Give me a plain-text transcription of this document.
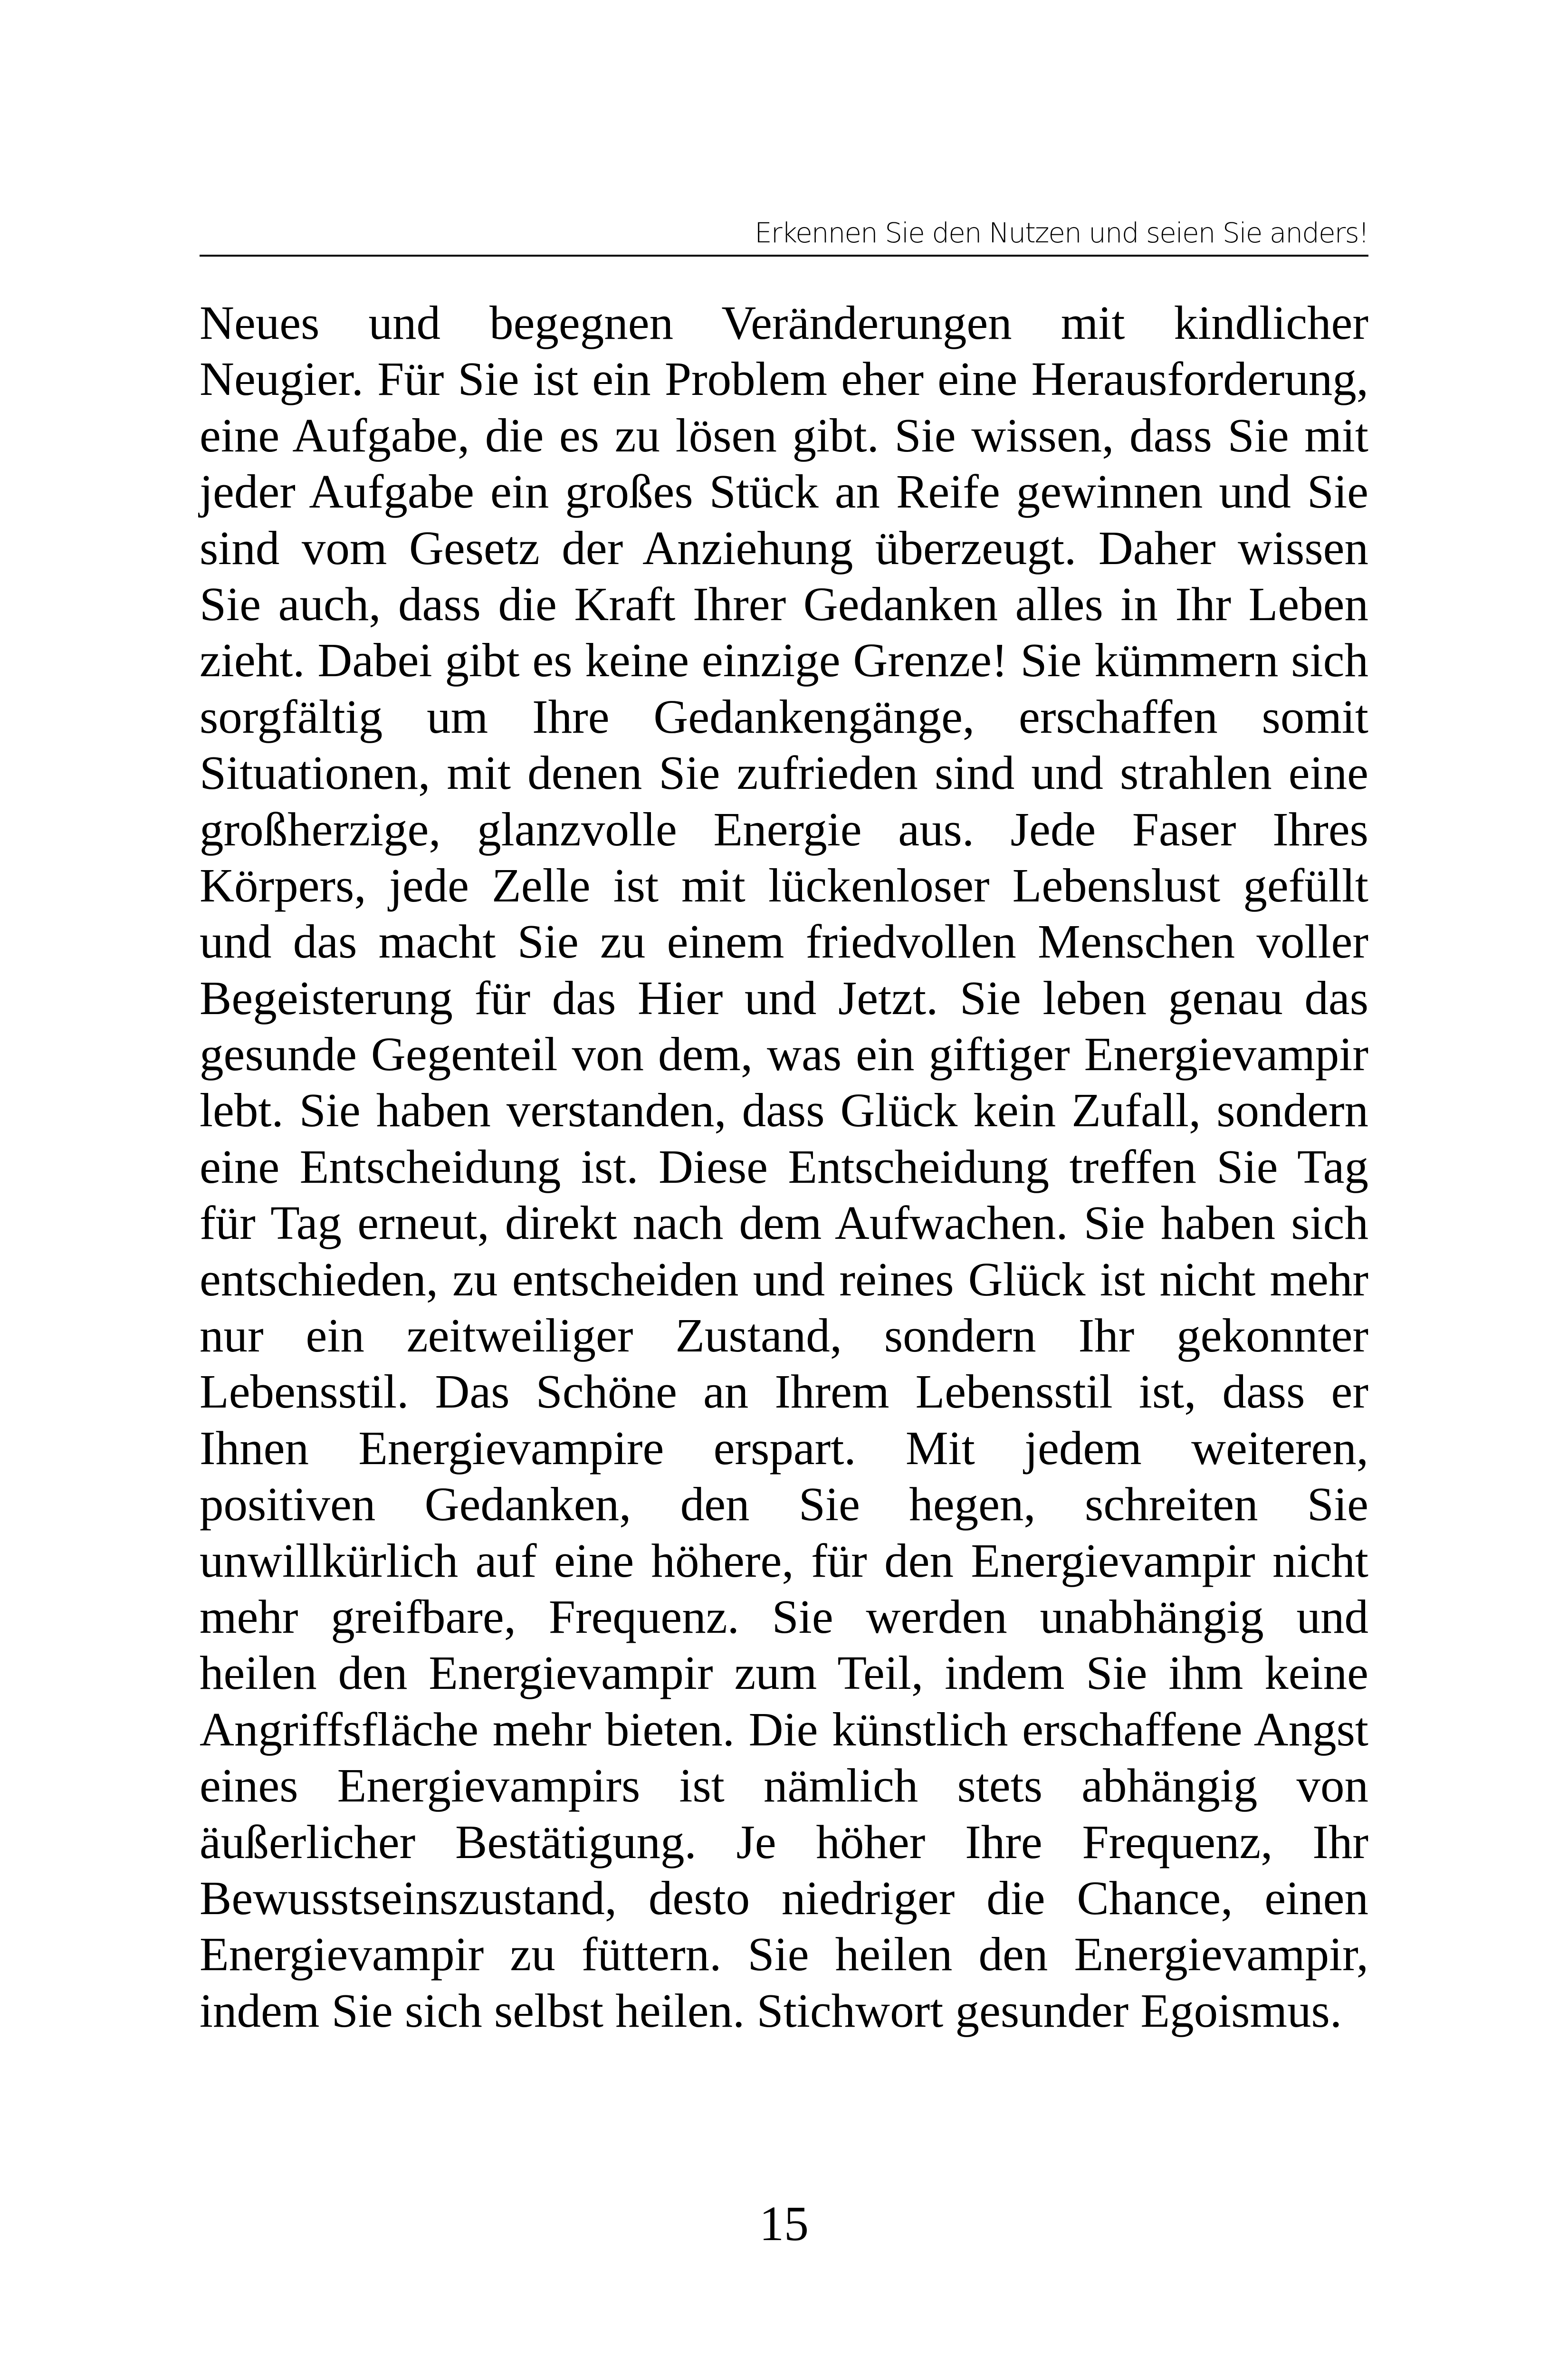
Erkennen Sie den Nutzen und seien Sie anders!
Neues und begegnen Veränderungen mit kindlicher
Neugier. Für Sie ist ein Problem eher eine Herausforderung,
eine Aufgabe, die es zu lösen gibt. Sie wissen, dass Sie mit
jeder Aufgabe ein großes Stück an Reife gewinnen und Sie
sind vom Gesetz der Anziehung überzeugt. Daher wissen
Sie auch, dass die Kraft Ihrer Gedanken alles in Ihr Leben
zieht. Dabei gibt es keine einzige Grenze! Sie kümmern sich
sorgfältig um Ihre Gedankengänge, erschaffen somit
Situationen, mit denen Sie zufrieden sind und strahlen eine
großherzige, glanzvolle Energie aus. Jede Faser Ihres
Körpers, jede Zelle ist mit lückenloser Lebenslust gefüllt
und das macht Sie zu einem friedvollen Menschen voller
Begeisterung für das Hier und Jetzt. Sie leben genau das
gesunde Gegenteil von dem, was ein giftiger Energievampir
lebt. Sie haben verstanden, dass Glück kein Zufall, sondern
eine Entscheidung ist. Diese Entscheidung treffen Sie Tag
für Tag erneut, direkt nach dem Aufwachen. Sie haben sich
entschieden, zu entscheiden und reines Glück ist nicht mehr
nur ein zeitweiliger Zustand, sondern Ihr gekonnter
Lebensstil. Das Schöne an Ihrem Lebensstil ist, dass er
Ihnen Energievampire erspart. Mit jedem weiteren,
positiven Gedanken, den Sie hegen, schreiten Sie
unwillkürlich auf eine höhere, für den Energievampir nicht
mehr greifbare, Frequenz. Sie werden unabhängig und
heilen den Energievampir zum Teil, indem Sie ihm keine
Angriffsfläche mehr bieten. Die künstlich erschaffene Angst
eines Energievampirs ist nämlich stets abhängig von
äußerlicher Bestätigung. Je höher Ihre Frequenz, Ihr
Bewusstseinszustand, desto niedriger die Chance, einen
Energievampir zu füttern. Sie heilen den Energievampir,
indem Sie sich selbst heilen. Stichwort gesunder Egoismus.
15
